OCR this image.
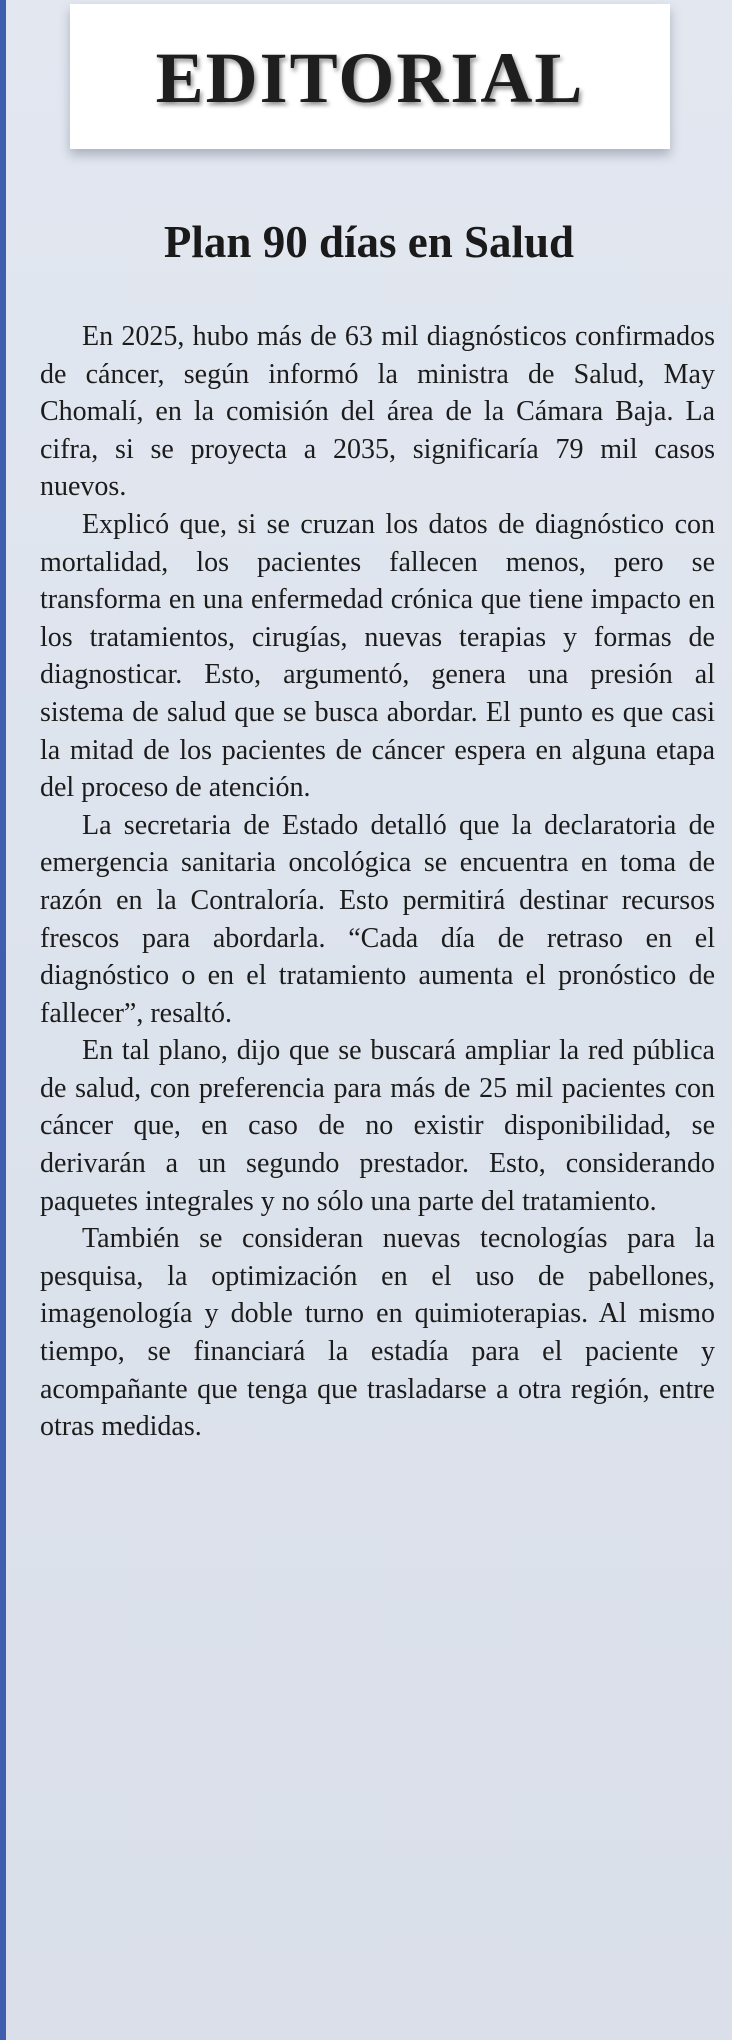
EDITORIAL
Plan 90 días en Salud

En 2025, hubo más de 63 mil diagnósticos confirmados de cáncer, según informó la ministra de Salud, May Chomalí, en la comisión del área de la Cámara Baja. La cifra, si se proyecta a 2035, significaría 79 mil casos nuevos.

Explicó que, si se cruzan los datos de diagnóstico con mortalidad, los pacientes fallecen menos, pero se transforma en una enfermedad crónica que tiene impacto en los tratamientos, cirugías, nuevas terapias y formas de diagnosticar. Esto, argumentó, genera una presión al sistema de salud que se busca abordar. El punto es que casi la mitad de los pacientes de cáncer espera en alguna etapa del proceso de atención.

La secretaria de Estado detalló que la declaratoria de emergencia sanitaria oncológica se encuentra en toma de razón en la Contraloría. Esto permitirá destinar recursos frescos para abordarla. “Cada día de retraso en el diagnóstico o en el tratamiento aumenta el pronóstico de fallecer”, resaltó.

En tal plano, dijo que se buscará ampliar la red pública de salud, con preferencia para más de 25 mil pacientes con cáncer que, en caso de no existir disponibilidad, se derivarán a un segundo prestador. Esto, considerando paquetes integrales y no sólo una parte del tratamiento.

También se consideran nuevas tecnologías para la pesquisa, la optimización en el uso de pabellones, imagenología y doble turno en quimioterapias. Al mismo tiempo, se financiará la estadía para el paciente y acompañante que tenga que trasladarse a otra región, entre otras medidas.
